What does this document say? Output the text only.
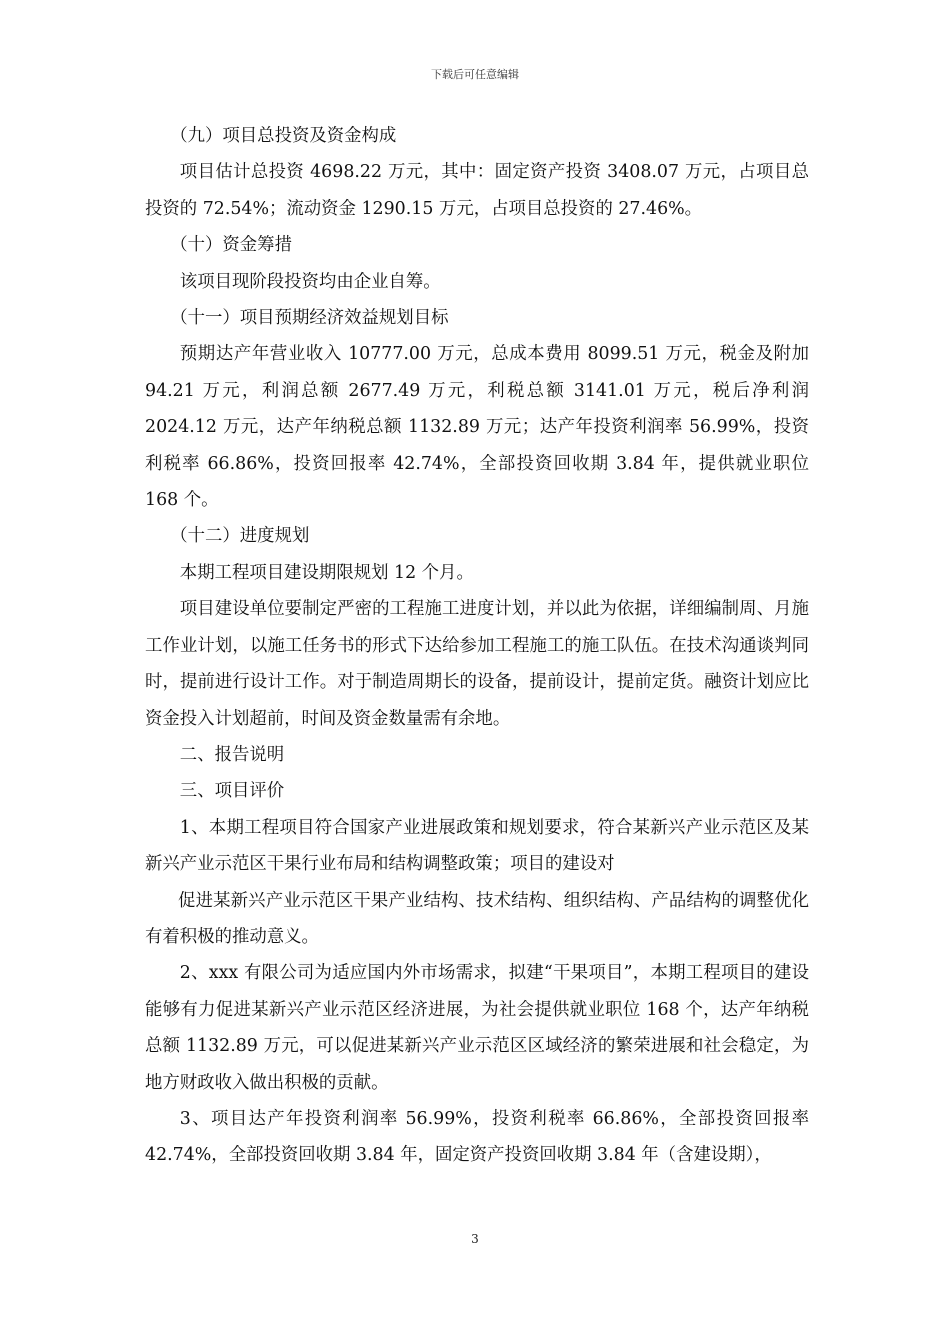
下载后可任意编辑

（九）项目总投资及资金构成

项目估计总投资 4698.22 万元，其中：固定资产投资 3408.07 万元，占项目总投资的 72.54%；流动资金 1290.15 万元，占项目总投资的 27.46%。

（十）资金筹措

该项目现阶段投资均由企业自筹。

（十一）项目预期经济效益规划目标

预期达产年营业收入 10777.00 万元，总成本费用 8099.51 万元，税金及附加 94.21 万元，利润总额 2677.49 万元，利税总额 3141.01 万元，税后净利润 2024.12 万元，达产年纳税总额 1132.89 万元；达产年投资利润率 56.99%，投资利税率 66.86%，投资回报率 42.74%，全部投资回收期 3.84 年，提供就业职位 168 个。

（十二）进度规划

本期工程项目建设期限规划 12 个月。

项目建设单位要制定严密的工程施工进度计划，并以此为依据，详细编制周、月施工作业计划，以施工任务书的形式下达给参加工程施工的施工队伍。在技术沟通谈判同时，提前进行设计工作。对于制造周期长的设备，提前设计，提前定货。融资计划应比资金投入计划超前，时间及资金数量需有余地。

二、报告说明

三、项目评价

1、本期工程项目符合国家产业进展政策和规划要求，符合某新兴产业示范区及某新兴产业示范区干果行业布局和结构调整政策；项目的建设对

促进某新兴产业示范区干果产业结构、技术结构、组织结构、产品结构的调整优化有着积极的推动意义。

2、xxx 有限公司为适应国内外市场需求，拟建“干果项目”，本期工程项目的建设能够有力促进某新兴产业示范区经济进展，为社会提供就业职位 168 个，达产年纳税总额 1132.89 万元，可以促进某新兴产业示范区区域经济的繁荣进展和社会稳定，为地方财政收入做出积极的贡献。

3、项目达产年投资利润率 56.99%，投资利税率 66.86%，全部投资回报率 42.74%，全部投资回收期 3.84 年，固定资产投资回收期 3.84 年（含建设期），

3
